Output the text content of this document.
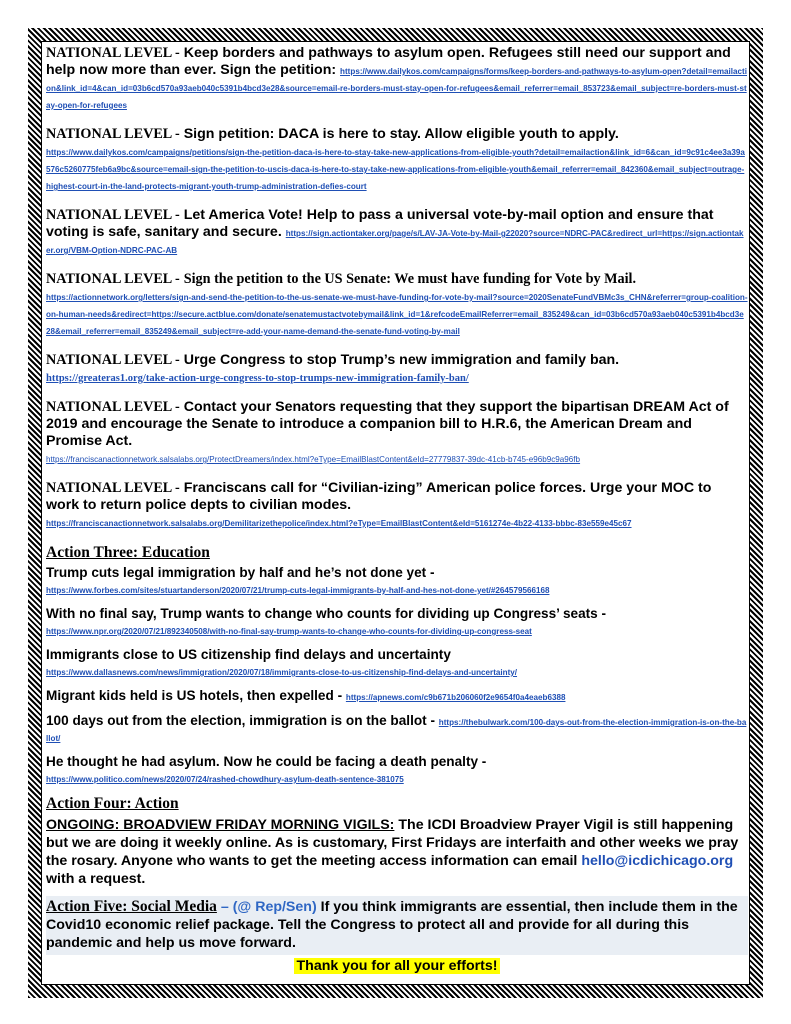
NATIONAL LEVEL - Keep borders and pathways to asylum open. Refugees still need our support and help now more than ever. Sign the petition: https://www.dailykos.com/campaigns/forms/keep-borders-and-pathways-to-asylum-open?detail=emailaction&link_id=4&can_id=03b6cd570a93aeb040c5391b4bcd3e28&source=email-re-borders-must-stay-open-for-refugees&email_referrer=email_853723&email_subject=re-borders-must-stay-open-for-refugees
NATIONAL LEVEL - Sign petition: DACA is here to stay. Allow eligible youth to apply.
https://www.dailykos.com/campaigns/petitions/sign-the-petition-daca-is-here-to-stay-take-new-applications-from-eligible-youth?detail=emailaction&link_id=6&can_id=9c91c4ee3a39a576c5260775feb6a9bc&source=email-sign-the-petition-to-uscis-daca-is-here-to-stay-take-new-applications-from-eligible-youth&email_referrer=email_842360&email_subject=outrage-highest-court-in-the-land-protects-migrant-youth-trump-administration-defies-court
NATIONAL LEVEL - Let America Vote! Help to pass a universal vote-by-mail option and ensure that voting is safe, sanitary and secure. https://sign.actiontaker.org/page/s/LAV-JA-Vote-by-Mail-g22020?source=NDRC-PAC&redirect_url=https://sign.actiontaker.org/VBM-Option-NDRC-PAC-AB
NATIONAL LEVEL - Sign the petition to the US Senate: We must have funding for Vote by Mail.
https://actionnetwork.org/letters/sign-and-send-the-petition-to-the-us-senate-we-must-have-funding-for-vote-by-mail?source=2020SenateFundVBMc3s_CHN&referrer=group-coalition-on-human-needs&redirect=https://secure.actblue.com/donate/senatemustactvotebymail&link_id=1&refcodeEmailReferrer=email_835249&can_id=03b6cd570a93aeb040c5391b4bcd3e28&email_referrer=email_835249&email_subject=re-add-your-name-demand-the-senate-fund-voting-by-mail
NATIONAL LEVEL - Urge Congress to stop Trump’s new immigration and family ban.
https://greateras1.org/take-action-urge-congress-to-stop-trumps-new-immigration-family-ban/
NATIONAL LEVEL - Contact your Senators requesting that they support the bipartisan DREAM Act of 2019 and encourage the Senate to introduce a companion bill to H.R.6, the American Dream and Promise Act.
https://franciscanactionnetwork.salsalabs.org/ProtectDreamers/index.html?eType=EmailBlastContent&eId=27779837-39dc-41cb-b745-e96b9c9a96fb
NATIONAL LEVEL - Franciscans call for “Civilian-izing” American police forces. Urge your MOC to work to return police depts to civilian modes.
https://franciscanactionnetwork.salsalabs.org/Demilitarizethepolice/index.html?eType=EmailBlastContent&eId=5161274e-4b22-4133-bbbc-83e559e45c67
Action Three: Education
Trump cuts legal immigration by half and he’s not done yet -
https://www.forbes.com/sites/stuartanderson/2020/07/21/trump-cuts-legal-immigrants-by-half-and-hes-not-done-yet/#264579566168
With no final say, Trump wants to change who counts for dividing up Congress’ seats -
https://www.npr.org/2020/07/21/892340508/with-no-final-say-trump-wants-to-change-who-counts-for-dividing-up-congress-seat
Immigrants close to US citizenship find delays and uncertainty
https://www.dallasnews.com/news/immigration/2020/07/18/immigrants-close-to-us-citizenship-find-delays-and-uncertainty/
Migrant kids held is US hotels, then expelled - https://apnews.com/c9b671b206060f2e9654f0a4eaeb6388
100 days out from the election, immigration is on the ballot - https://thebulwark.com/100-days-out-from-the-election-immigration-is-on-the-ballot/
He thought he had asylum. Now he could be facing a death penalty -
https://www.politico.com/news/2020/07/24/rashed-chowdhury-asylum-death-sentence-381075
Action Four: Action
ONGOING: BROADVIEW FRIDAY MORNING VIGILS: The ICDI Broadview Prayer Vigil is still happening but we are doing it weekly online. As is customary, First Fridays are interfaith and other weeks we pray the rosary. Anyone who wants to get the meeting access information can email hello@icdichicago.org with a request.
Action Five: Social Media – (@ Rep/Sen) If you think immigrants are essential, then include them in the Covid10 economic relief package. Tell the Congress to protect all and provide for all during this pandemic and help us move forward.
Thank you for all your efforts!
